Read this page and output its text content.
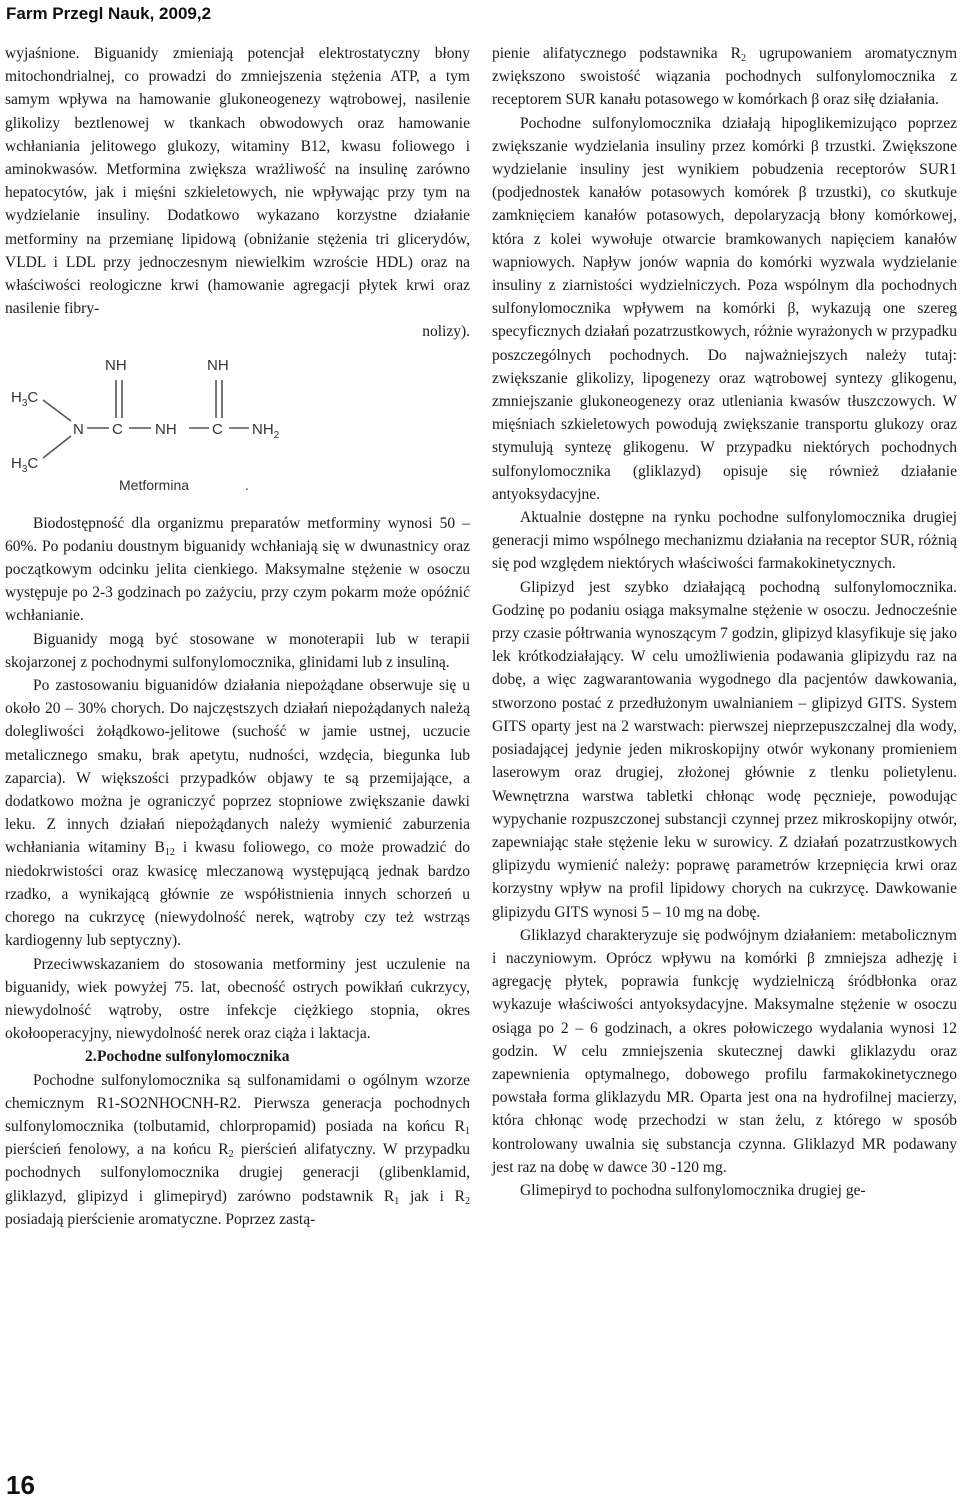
Farm Przegl Nauk, 2009,2

wyjaśnione. Biguanidy zmieniają potencjał elektrostatyczny błony mitochondrialnej, co prowadzi do zmniejszenia stężenia ATP, a tym samym wpływa na hamowanie glukoneogenezy wątrobowej, nasilenie glikolizy beztlenowej w tkankach obwodowych oraz hamowanie wchłaniania jelitowego glukozy, witaminy B12, kwasu foliowego i aminokwasów. Metformina zwiększa wrażliwość na insulinę zarówno hepatocytów, jak i mięśni szkieletowych, nie wpływając przy tym na wydzielanie insuliny. Dodatkowo wykazano korzystne działanie metforminy na przemianę lipidową (obniżanie stężenia tri glicerydów, VLDL i LDL przy jednoczesnym niewielkim wzroście HDL) oraz na właściwości reologiczne krwi (hamowanie agregacji płytek krwi oraz nasilenie fibry-

nolizy).

NH	NH
$H_3C$
N C NH C $NH_2$
$H_3C$
Metformina	.

Biodostępność dla organizmu preparatów metforminy wynosi 50 – 60%. Po podaniu doustnym biguanidy wchłaniają się w dwunastnicy oraz początkowym odcinku jelita cienkiego. Maksymalne stężenie w osoczu występuje po 2-3 godzinach po zażyciu, przy czym pokarm może opóźnić wchłanianie.

Biguanidy mogą być stosowane w monoterapii lub w terapii skojarzonej z pochodnymi sulfonylomocznika, glinidami lub z insuliną.

Po zastosowaniu biguanidów działania niepożądane obserwuje się u około 20 – 30% chorych. Do najczęstszych działań niepożądanych należą dolegliwości żołądkowo-jelitowe (suchość w jamie ustnej, uczucie metalicznego smaku, brak apetytu, nudności, wzdęcia, biegunka lub zaparcia). W większości przypadków objawy te są przemijające, a dodatkowo można je ograniczyć poprzez stopniowe zwiększanie dawki leku. Z innych działań niepożądanych należy wymienić zaburzenia wchłaniania witaminy $B_{12}$ i kwasu foliowego, co może prowadzić do niedokrwistości oraz kwasicę mleczanową występującą jednak bardzo rzadko, a wynikającą głównie ze współistnienia innych schorzeń u chorego na cukrzycę (niewydolność nerek, wątroby czy też wstrząs kardiogenny lub septyczny).

Przeciwwskazaniem do stosowania metforminy jest uczulenie na biguanidy, wiek powyżej 75. lat, obecność ostrych powikłań cukrzycy, niewydolność wątroby, ostre infekcje ciężkiego stopnia, okres okołooperacyjny, niewydolność nerek oraz ciąża i laktacja.

2.Pochodne sulfonylomocznika

Pochodne sulfonylomocznika są sulfonamidami o ogólnym wzorze chemicznym R1-SO2NHOCNH-R2. Pierwsza generacja pochodnych sulfonylomocznika (tolbutamid, chlorpropamid) posiada na końcu $R_1$ pierścień fenolowy, a na końcu $R_2$ pierścień alifatyczny. W przypadku pochodnych sulfonylomocznika drugiej generacji (glibenklamid, gliklazyd, glipizyd i glimepiryd) zarówno podstawnik $R_1$ jak i $R_2$ posiadają pierścienie aromatyczne. Poprzez zastą-

pienie alifatycznego podstawnika $R_2$ ugrupowaniem aromatycznym zwiększono swoistość wiązania pochodnych sulfonylomocznika z receptorem SUR kanału potasowego w komórkach β oraz siłę działania.

Pochodne sulfonylomocznika działają hipoglikemizująco poprzez zwiększanie wydzielania insuliny przez komórki β trzustki. Zwiększone wydzielanie insuliny jest wynikiem pobudzenia receptorów SUR1 (podjednostek kanałów potasowych komórek β trzustki), co skutkuje zamknięciem kanałów potasowych, depolaryzacją błony komórkowej, która z kolei wywołuje otwarcie bramkowanych napięciem kanałów wapniowych. Napływ jonów wapnia do komórki wyzwala wydzielanie insuliny z ziarnistości wydzielniczych. Poza wspólnym dla pochodnych sulfonylomocznika wpływem na komórki β, wykazują one szereg specyficznych działań pozatrzustkowych, różnie wyrażonych w przypadku poszczególnych pochodnych. Do najważniejszych należy tutaj: zwiększanie glikolizy, lipogenezy oraz wątrobowej syntezy glikogenu, zmniejszanie glukoneogenezy oraz utleniania kwasów tłuszczowych. W mięśniach szkieletowych powodują zwiększanie transportu glukozy oraz stymulują syntezę glikogenu. W przypadku niektórych pochodnych sulfonylomocznika (gliklazyd) opisuje się również działanie antyoksydacyjne.

Aktualnie dostępne na rynku pochodne sulfonylomocznika drugiej generacji mimo wspólnego mechanizmu działania na receptor SUR, różnią się pod względem niektórych właściwości farmakokinetycznych.

Glipizyd jest szybko działającą pochodną sulfonylomocznika. Godzinę po podaniu osiąga maksymalne stężenie w osoczu. Jednocześnie przy czasie półtrwania wynoszącym 7 godzin, glipizyd klasyfikuje się jako lek krótkodziałający. W celu umożliwienia podawania glipizydu raz na dobę, a więc zagwarantowania wygodnego dla pacjentów dawkowania, stworzono postać z przedłużonym uwalnianiem – glipizyd GITS. System GITS oparty jest na 2 warstwach: pierwszej nieprzepuszczalnej dla wody, posiadającej jedynie jeden mikroskopijny otwór wykonany promieniem laserowym oraz drugiej, złożonej głównie z tlenku polietylenu. Wewnętrzna warstwa tabletki chłonąc wodę pęcznieje, powodując wypychanie rozpuszczonej substancji czynnej przez mikroskopijny otwór, zapewniając stałe stężenie leku w surowicy. Z działań pozatrzustkowych glipizydu wymienić należy: poprawę parametrów krzepnięcia krwi oraz korzystny wpływ na profil lipidowy chorych na cukrzycę. Dawkowanie glipizydu GITS wynosi 5 – 10 mg na dobę.

Gliklazyd charakteryzuje się podwójnym działaniem: metabolicznym i naczyniowym. Oprócz wpływu na komórki β zmniejsza adhezję i agregację płytek, poprawia funkcję wydzielniczą śródbłonka oraz wykazuje właściwości antyoksydacyjne. Maksymalne stężenie w osoczu osiąga po 2 – 6 godzinach, a okres połowiczego wydalania wynosi 12 godzin. W celu zmniejszenia skutecznej dawki gliklazydu oraz zapewnienia optymalnego, dobowego profilu farmakokinetycznego powstała forma gliklazydu MR. Oparta jest ona na hydrofilnej macierzy, która chłonąc wodę przechodzi w stan żelu, z którego w sposób kontrolowany uwalnia się substancja czynna. Gliklazyd MR podawany jest raz na dobę w dawce 30 -120 mg.

Glimepiryd to pochodna sulfonylomocznika drugiej ge-

16
